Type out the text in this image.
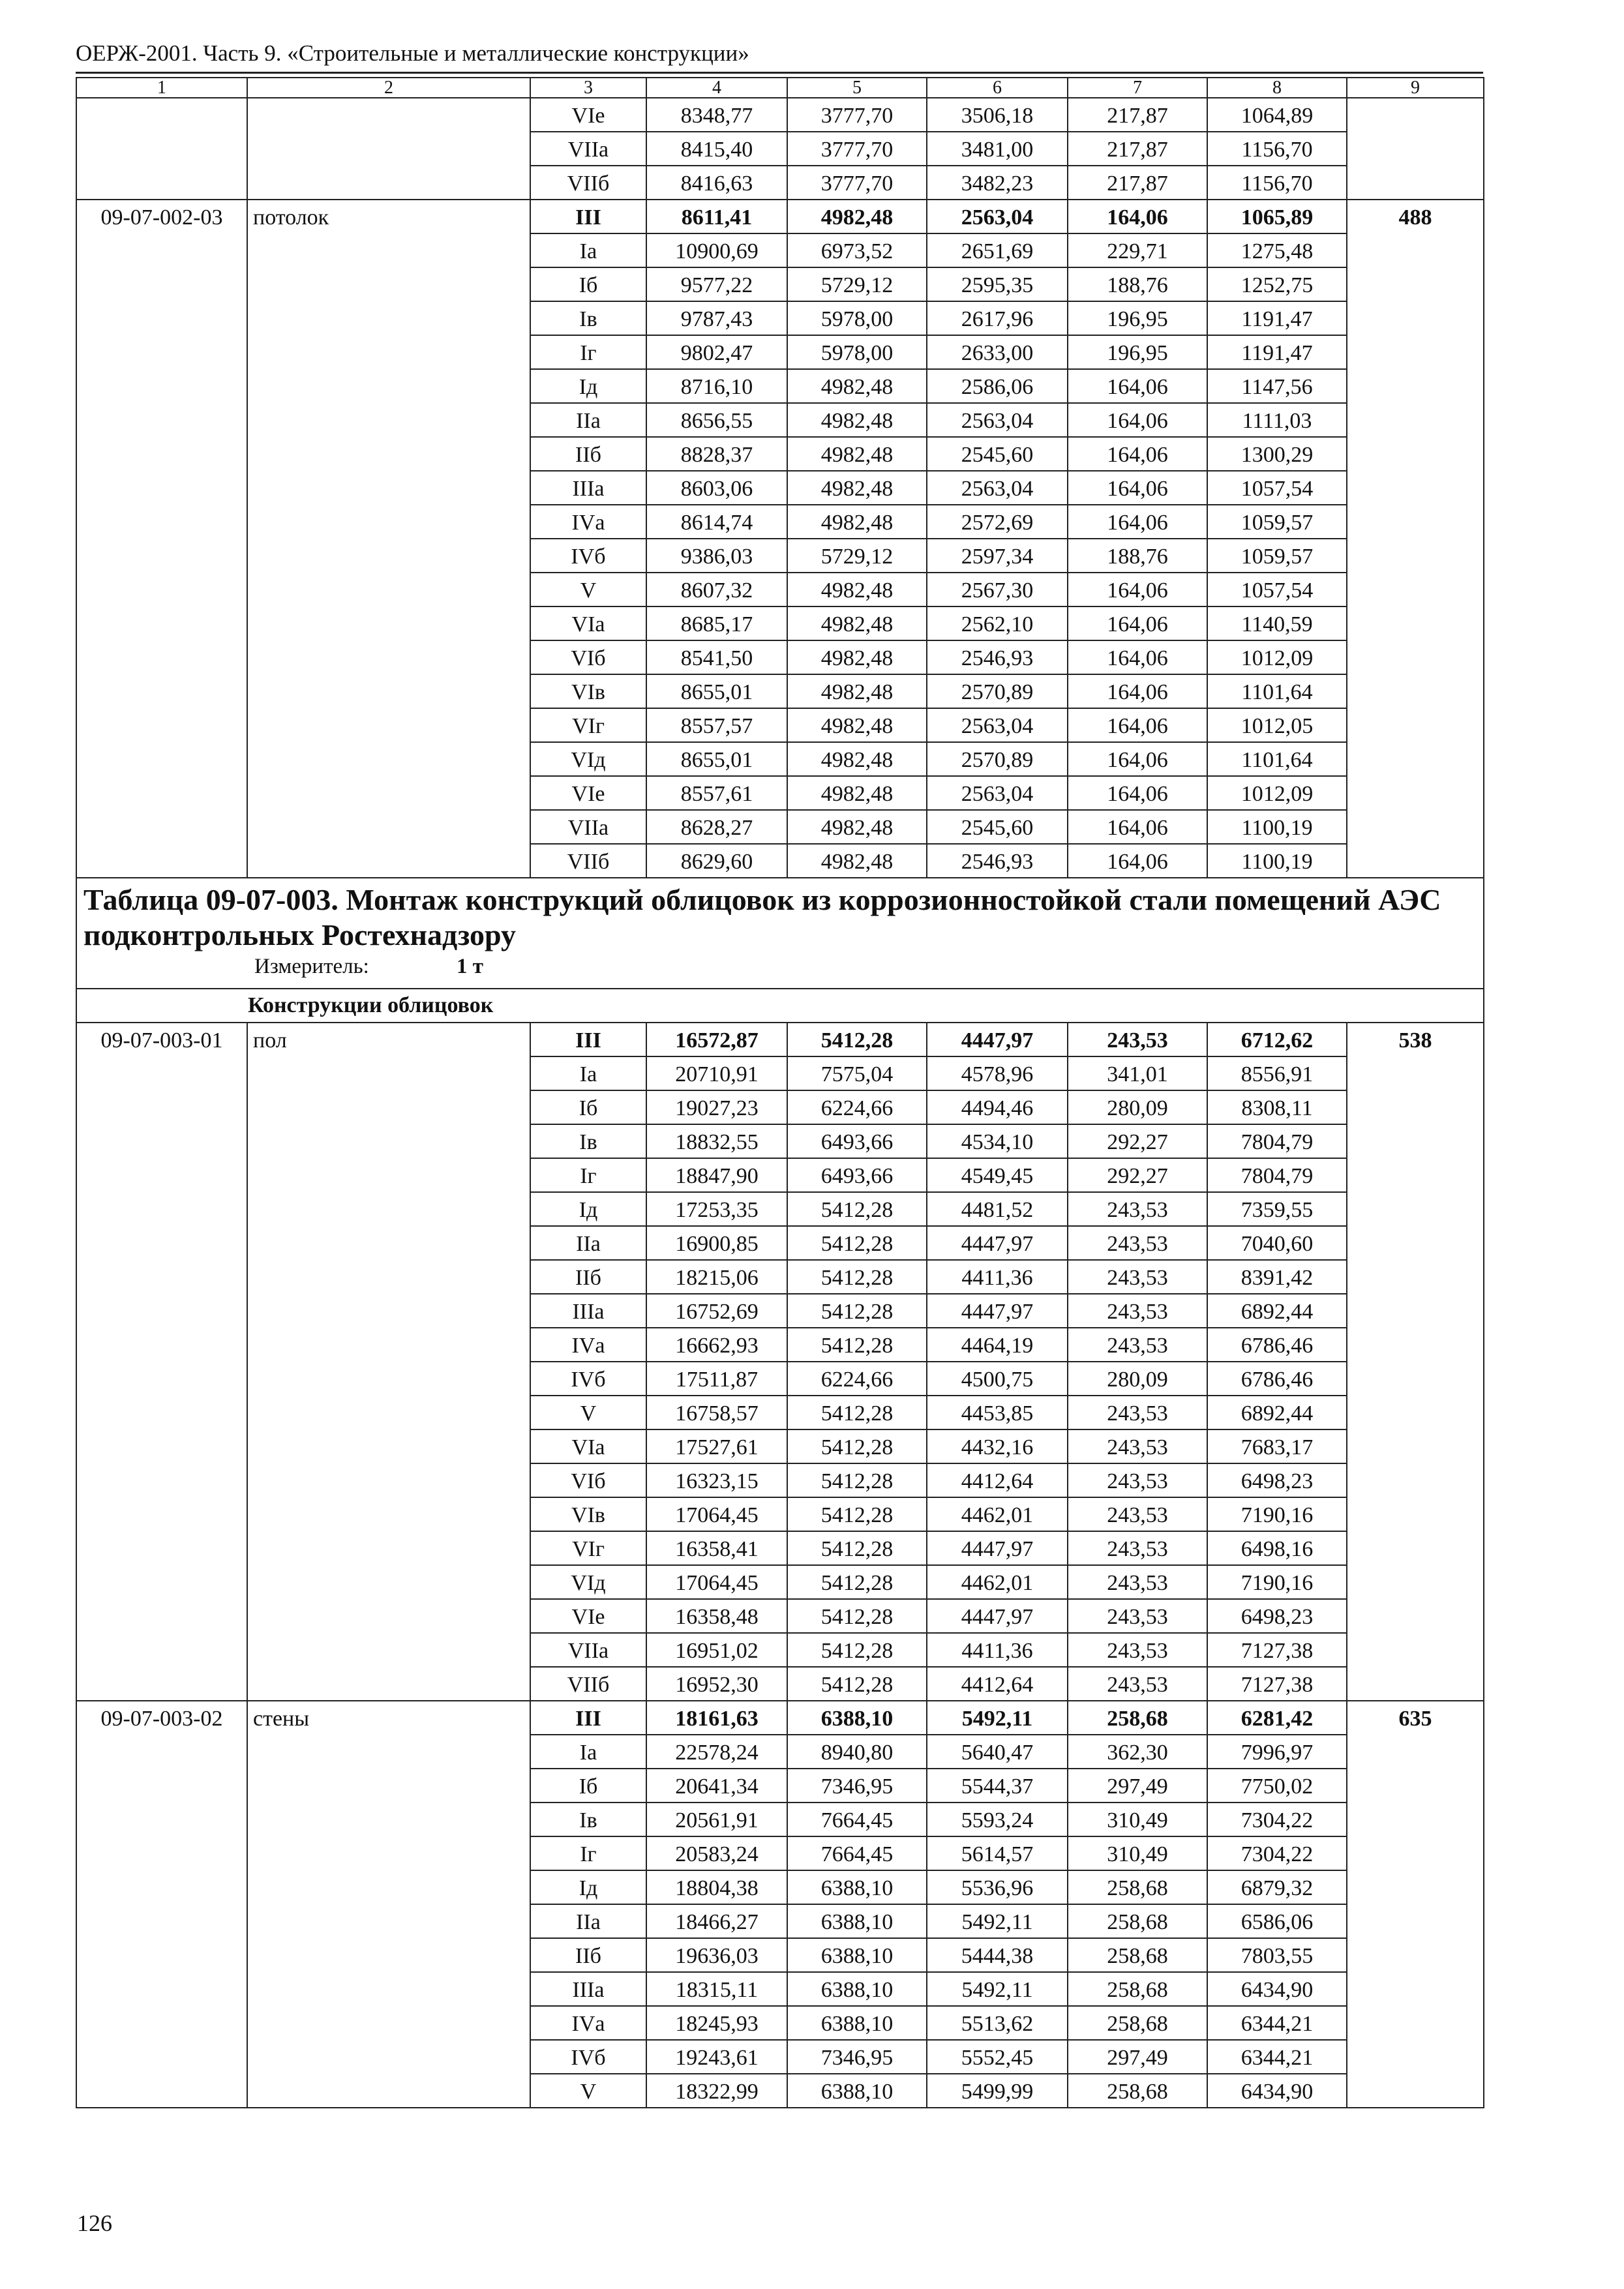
ОЕРЖ-2001. Часть 9. «Строительные и металлические конструкции»
1	2	3	4	5	6	7	8	9
		VIе	8348,77	3777,70	3506,18	217,87	1064,89	
		VIIа	8415,40	3777,70	3481,00	217,87	1156,70	
		VIIб	8416,63	3777,70	3482,23	217,87	1156,70	
09-07-002-03	потолок	III	8611,41	4982,48	2563,04	164,06	1065,89	488
		Iа	10900,69	6973,52	2651,69	229,71	1275,48	
		Iб	9577,22	5729,12	2595,35	188,76	1252,75	
		Iв	9787,43	5978,00	2617,96	196,95	1191,47	
		Iг	9802,47	5978,00	2633,00	196,95	1191,47	
		Iд	8716,10	4982,48	2586,06	164,06	1147,56	
		IIа	8656,55	4982,48	2563,04	164,06	1111,03	
		IIб	8828,37	4982,48	2545,60	164,06	1300,29	
		IIIа	8603,06	4982,48	2563,04	164,06	1057,54	
		IVа	8614,74	4982,48	2572,69	164,06	1059,57	
		IVб	9386,03	5729,12	2597,34	188,76	1059,57	
		V	8607,32	4982,48	2567,30	164,06	1057,54	
		VIа	8685,17	4982,48	2562,10	164,06	1140,59	
		VIб	8541,50	4982,48	2546,93	164,06	1012,09	
		VIв	8655,01	4982,48	2570,89	164,06	1101,64	
		VIг	8557,57	4982,48	2563,04	164,06	1012,05	
		VIд	8655,01	4982,48	2570,89	164,06	1101,64	
		VIе	8557,61	4982,48	2563,04	164,06	1012,09	
		VIIа	8628,27	4982,48	2545,60	164,06	1100,19	
		VIIб	8629,60	4982,48	2546,93	164,06	1100,19	

Таблица 09-07-003. Монтаж конструкций облицовок из коррозионностойкой стали помещений АЭС подконтрольных Ростехнадзору
Измеритель: 1 т								

Конструкции облицовок								
09-07-003-01	пол	III	16572,87	5412,28	4447,97	243,53	6712,62	538
		Iа	20710,91	7575,04	4578,96	341,01	8556,91	
		Iб	19027,23	6224,66	4494,46	280,09	8308,11	
		Iв	18832,55	6493,66	4534,10	292,27	7804,79	
		Iг	18847,90	6493,66	4549,45	292,27	7804,79	
		Iд	17253,35	5412,28	4481,52	243,53	7359,55	
		IIа	16900,85	5412,28	4447,97	243,53	7040,60	
		IIб	18215,06	5412,28	4411,36	243,53	8391,42	
		IIIа	16752,69	5412,28	4447,97	243,53	6892,44	
		IVа	16662,93	5412,28	4464,19	243,53	6786,46	
		IVб	17511,87	6224,66	4500,75	280,09	6786,46	
		V	16758,57	5412,28	4453,85	243,53	6892,44	
		VIа	17527,61	5412,28	4432,16	243,53	7683,17	
		VIб	16323,15	5412,28	4412,64	243,53	6498,23	
		VIв	17064,45	5412,28	4462,01	243,53	7190,16	
		VIг	16358,41	5412,28	4447,97	243,53	6498,16	
		VIд	17064,45	5412,28	4462,01	243,53	7190,16	
		VIе	16358,48	5412,28	4447,97	243,53	6498,23	
		VIIа	16951,02	5412,28	4411,36	243,53	7127,38	
		VIIб	16952,30	5412,28	4412,64	243,53	7127,38	
09-07-003-02	стены	III	18161,63	6388,10	5492,11	258,68	6281,42	635
		Iа	22578,24	8940,80	5640,47	362,30	7996,97	
		Iб	20641,34	7346,95	5544,37	297,49	7750,02	
		Iв	20561,91	7664,45	5593,24	310,49	7304,22	
		Iг	20583,24	7664,45	5614,57	310,49	7304,22	
		Iд	18804,38	6388,10	5536,96	258,68	6879,32	
		IIа	18466,27	6388,10	5492,11	258,68	6586,06	
		IIб	19636,03	6388,10	5444,38	258,68	7803,55	
		IIIа	18315,11	6388,10	5492,11	258,68	6434,90	
		IVа	18245,93	6388,10	5513,62	258,68	6344,21	
		IVб	19243,61	7346,95	5552,45	297,49	6344,21	
		V	18322,99	6388,10	5499,99	258,68	6434,90	
126
